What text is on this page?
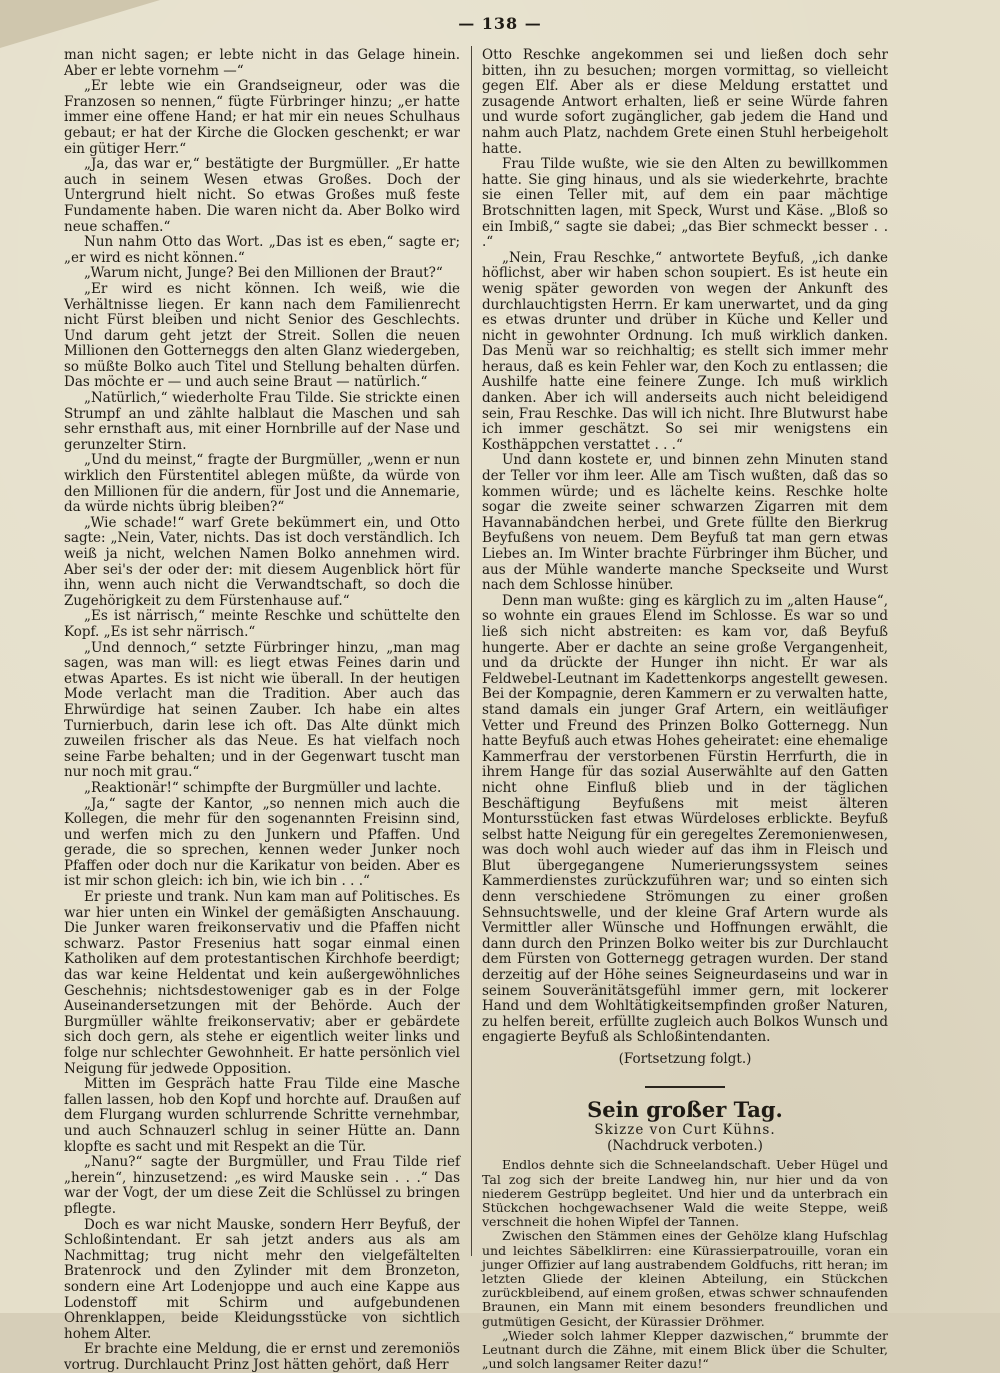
— 138 —

man nicht sagen; er lebte nicht in das Gelage hinein. Aber er lebte vornehm —“

„Er lebte wie ein Grandseigneur, oder was die Franzosen so nennen,“ fügte Fürbringer hinzu; „er hatte immer eine offene Hand; er hat mir ein neues Schulhaus gebaut; er hat der Kirche die Glocken geschenkt; er war ein gütiger Herr.“

„Ja, das war er,“ bestätigte der Burgmüller. „Er hatte auch in seinem Wesen etwas Großes. Doch der Untergrund hielt nicht. So etwas Großes muß feste Fundamente haben. Die waren nicht da. Aber Bolko wird neue schaffen.“

Nun nahm Otto das Wort. „Das ist es eben,“ sagte er; „er wird es nicht können.“

„Warum nicht, Junge? Bei den Millionen der Braut?“

„Er wird es nicht können. Ich weiß, wie die Verhältnisse liegen. Er kann nach dem Familienrecht nicht Fürst bleiben und nicht Senior des Geschlechts. Und darum geht jetzt der Streit. Sollen die neuen Millionen den Gotterneggs den alten Glanz wiedergeben, so müßte Bolko auch Titel und Stellung behalten dürfen. Das möchte er — und auch seine Braut — natürlich.“

„Natürlich,“ wiederholte Frau Tilde. Sie strickte einen Strumpf an und zählte halblaut die Maschen und sah sehr ernsthaft aus, mit einer Hornbrille auf der Nase und gerunzelter Stirn.

„Und du meinst,“ fragte der Burgmüller, „wenn er nun wirklich den Fürstentitel ablegen müßte, da würde von den Millionen für die andern, für Jost und die Annemarie, da würde nichts übrig bleiben?“

„Wie schade!“ warf Grete bekümmert ein, und Otto sagte: „Nein, Vater, nichts. Das ist doch verständlich. Ich weiß ja nicht, welchen Namen Bolko annehmen wird. Aber sei's der oder der: mit diesem Augenblick hört für ihn, wenn auch nicht die Verwandtschaft, so doch die Zugehörigkeit zu dem Fürstenhause auf.“

„Es ist närrisch,“ meinte Reschke und schüttelte den Kopf. „Es ist sehr närrisch.“

„Und dennoch,“ setzte Fürbringer hinzu, „man mag sagen, was man will: es liegt etwas Feines darin und etwas Apartes. Es ist nicht wie überall. In der heutigen Mode verlacht man die Tradition. Aber auch das Ehrwürdige hat seinen Zauber. Ich habe ein altes Turnierbuch, darin lese ich oft. Das Alte dünkt mich zuweilen frischer als das Neue. Es hat vielfach noch seine Farbe behalten; und in der Gegenwart tuscht man nur noch mit grau.“

„Reaktionär!“ schimpfte der Burgmüller und lachte.

„Ja,“ sagte der Kantor, „so nennen mich auch die Kollegen, die mehr für den sogenannten Freisinn sind, und werfen mich zu den Junkern und Pfaffen. Und gerade, die so sprechen, kennen weder Junker noch Pfaffen oder doch nur die Karikatur von beiden. Aber es ist mir schon gleich: ich bin, wie ich bin . . .“

Er prieste und trank. Nun kam man auf Politisches. Es war hier unten ein Winkel der gemäßigten Anschauung. Die Junker waren freikonservativ und die Pfaffen nicht schwarz. Pastor Fresenius hatt sogar einmal einen Katholiken auf dem protestantischen Kirchhofe beerdigt; das war keine Heldentat und kein außergewöhnliches Geschehnis; nichtsdestoweniger gab es in der Folge Auseinandersetzungen mit der Behörde. Auch der Burgmüller wählte freikonservativ; aber er gebärdete sich doch gern, als stehe er eigentlich weiter links und folge nur schlechter Gewohnheit. Er hatte persönlich viel Neigung für jedwede Opposition.

Mitten im Gespräch hatte Frau Tilde eine Masche fallen lassen, hob den Kopf und horchte auf. Draußen auf dem Flurgang wurden schlurrende Schritte vernehmbar, und auch Schnauzerl schlug in seiner Hütte an. Dann klopfte es sacht und mit Respekt an die Tür.

„Nanu?“ sagte der Burgmüller, und Frau Tilde rief „herein“, hinzusetzend: „es wird Mauske sein . . .“ Das war der Vogt, der um diese Zeit die Schlüssel zu bringen pflegte.

Doch es war nicht Mauske, sondern Herr Beyfuß, der Schloßintendant. Er sah jetzt anders aus als am Nachmittag; trug nicht mehr den vielgefältelten Bratenrock und den Zylinder mit dem Bronzeton, sondern eine Art Lodenjoppe und auch eine Kappe aus Lodenstoff mit Schirm und aufgebundenen Ohrenklappen, beide Kleidungsstücke von sichtlich hohem Alter.

Er brachte eine Meldung, die er ernst und zeremoniös vortrug. Durchlaucht Prinz Jost hätten gehört, daß Herr

Otto Reschke angekommen sei und ließen doch sehr bitten, ihn zu besuchen; morgen vormittag, so vielleicht gegen Elf. Aber als er diese Meldung erstattet und zusagende Antwort erhalten, ließ er seine Würde fahren und wurde sofort zugänglicher, gab jedem die Hand und nahm auch Platz, nachdem Grete einen Stuhl herbeigeholt hatte.

Frau Tilde wußte, wie sie den Alten zu bewillkommen hatte. Sie ging hinaus, und als sie wiederkehrte, brachte sie einen Teller mit, auf dem ein paar mächtige Brotschnitten lagen, mit Speck, Wurst und Käse. „Bloß so ein Imbiß,“ sagte sie dabei; „das Bier schmeckt besser . . .“

„Nein, Frau Reschke,“ antwortete Beyfuß, „ich danke höflichst, aber wir haben schon soupiert. Es ist heute ein wenig später geworden von wegen der Ankunft des durchlauchtigsten Herrn. Er kam unerwartet, und da ging es etwas drunter und drüber in Küche und Keller und nicht in gewohnter Ordnung. Ich muß wirklich danken. Das Menü war so reichhaltig; es stellt sich immer mehr heraus, daß es kein Fehler war, den Koch zu entlassen; die Aushilfe hatte eine feinere Zunge. Ich muß wirklich danken. Aber ich will anderseits auch nicht beleidigend sein, Frau Reschke. Das will ich nicht. Ihre Blutwurst habe ich immer geschätzt. So sei mir wenigstens ein Kosthäppchen verstattet . . .“

Und dann kostete er, und binnen zehn Minuten stand der Teller vor ihm leer. Alle am Tisch wußten, daß das so kommen würde; und es lächelte keins. Reschke holte sogar die zweite seiner schwarzen Zigarren mit dem Havannabändchen herbei, und Grete füllte den Bierkrug Beyfußens von neuem. Dem Beyfuß tat man gern etwas Liebes an. Im Winter brachte Fürbringer ihm Bücher, und aus der Mühle wanderte manche Speckseite und Wurst nach dem Schlosse hinüber.

Denn man wußte: ging es kärglich zu im „alten Hause“, so wohnte ein graues Elend im Schlosse. Es war so und ließ sich nicht abstreiten: es kam vor, daß Beyfuß hungerte. Aber er dachte an seine große Vergangenheit, und da drückte der Hunger ihn nicht. Er war als Feldwebel-Leutnant im Kadettenkorps angestellt gewesen. Bei der Kompagnie, deren Kammern er zu verwalten hatte, stand damals ein junger Graf Artern, ein weitläufiger Vetter und Freund des Prinzen Bolko Gotternegg. Nun hatte Beyfuß auch etwas Hohes geheiratet: eine ehemalige Kammerfrau der verstorbenen Fürstin Herrfurth, die in ihrem Hange für das sozial Auserwählte auf den Gatten nicht ohne Einfluß blieb und in der täglichen Beschäftigung Beyfußens mit meist älteren Montursstücken fast etwas Würdeloses erblickte. Beyfuß selbst hatte Neigung für ein geregeltes Zeremonienwesen, was doch wohl auch wieder auf das ihm in Fleisch und Blut übergegangene Numerierungssystem seines Kammerdienstes zurückzuführen war; und so einten sich denn verschiedene Strömungen zu einer großen Sehnsuchtswelle, und der kleine Graf Artern wurde als Vermittler aller Wünsche und Hoffnungen erwählt, die dann durch den Prinzen Bolko weiter bis zur Durchlaucht dem Fürsten von Gotternegg getragen wurden. Der stand derzeitig auf der Höhe seines Seigneurdaseins und war in seinem Souveränitätsgefühl immer gern, mit lockerer Hand und dem Wohltätigkeitsempfinden großer Naturen, zu helfen bereit, erfüllte zugleich auch Bolkos Wunsch und engagierte Beyfuß als Schloßintendanten.

(Fortsetzung folgt.)
Sein großer Tag.
Skizze von Curt Kühns.
(Nachdruck verboten.)

Endlos dehnte sich die Schneelandschaft. Ueber Hügel und Tal zog sich der breite Landweg hin, nur hier und da von niederem Gestrüpp begleitet. Und hier und da unterbrach ein Stückchen hochgewachsener Wald die weite Steppe, weiß verschneit die hohen Wipfel der Tannen.

Zwischen den Stämmen eines der Gehölze klang Hufschlag und leichtes Säbelklirren: eine Kürassierpatrouille, voran ein junger Offizier auf lang austrabendem Goldfuchs, ritt heran; im letzten Gliede der kleinen Abteilung, ein Stückchen zurückbleibend, auf einem großen, etwas schwer schnaufenden Braunen, ein Mann mit einem besonders freundlichen und gutmütigen Gesicht, der Kürassier Dröhmer.

„Wieder solch lahmer Klepper dazwischen,“ brummte der Leutnant durch die Zähne, mit einem Blick über die Schulter, „und solch langsamer Reiter dazu!“
